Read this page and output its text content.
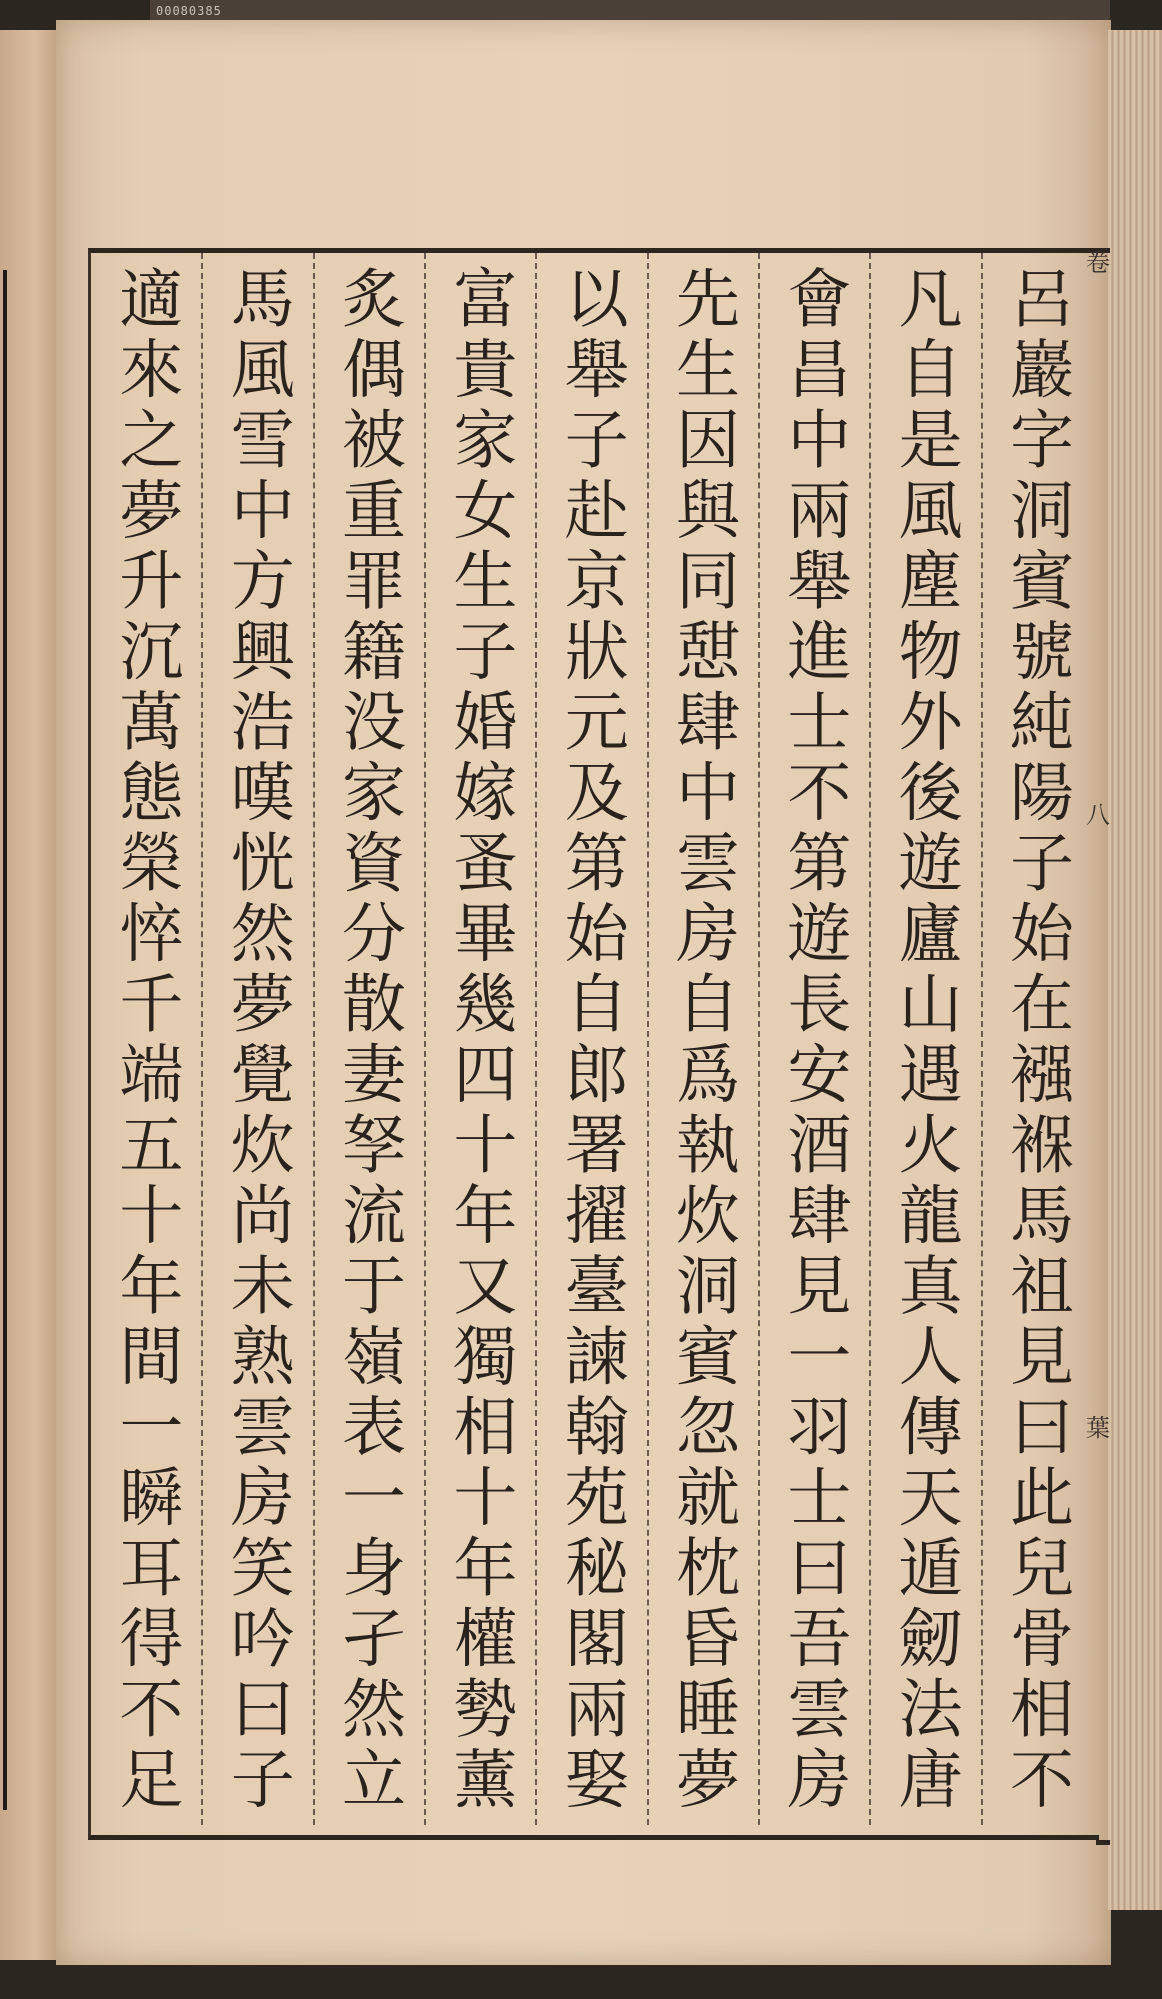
00080385
卷
八
葉
呂巖字洞賓號純陽子始在襁褓馬祖見曰此兒骨相不
凡自是風塵物外後遊廬山遇火龍真人傳天遁劒法唐
會昌中兩舉進士不第遊長安酒肆見一羽士曰吾雲房
先生因與同憇肆中雲房自爲執炊洞賓忽就枕昏睡夢
以舉子赴京狀元及第始自郎署擢臺諫翰苑秘閣兩娶
富貴家女生子婚嫁蚤畢幾四十年又獨相十年權勢薰
炙偶被重罪籍没家資分散妻孥流于嶺表一身孑然立
馬風雪中方興浩嘆恍然夢覺炊尚未熟雲房笑吟曰子
適來之夢升沉萬態榮悴千端五十年間一瞬耳得不足
